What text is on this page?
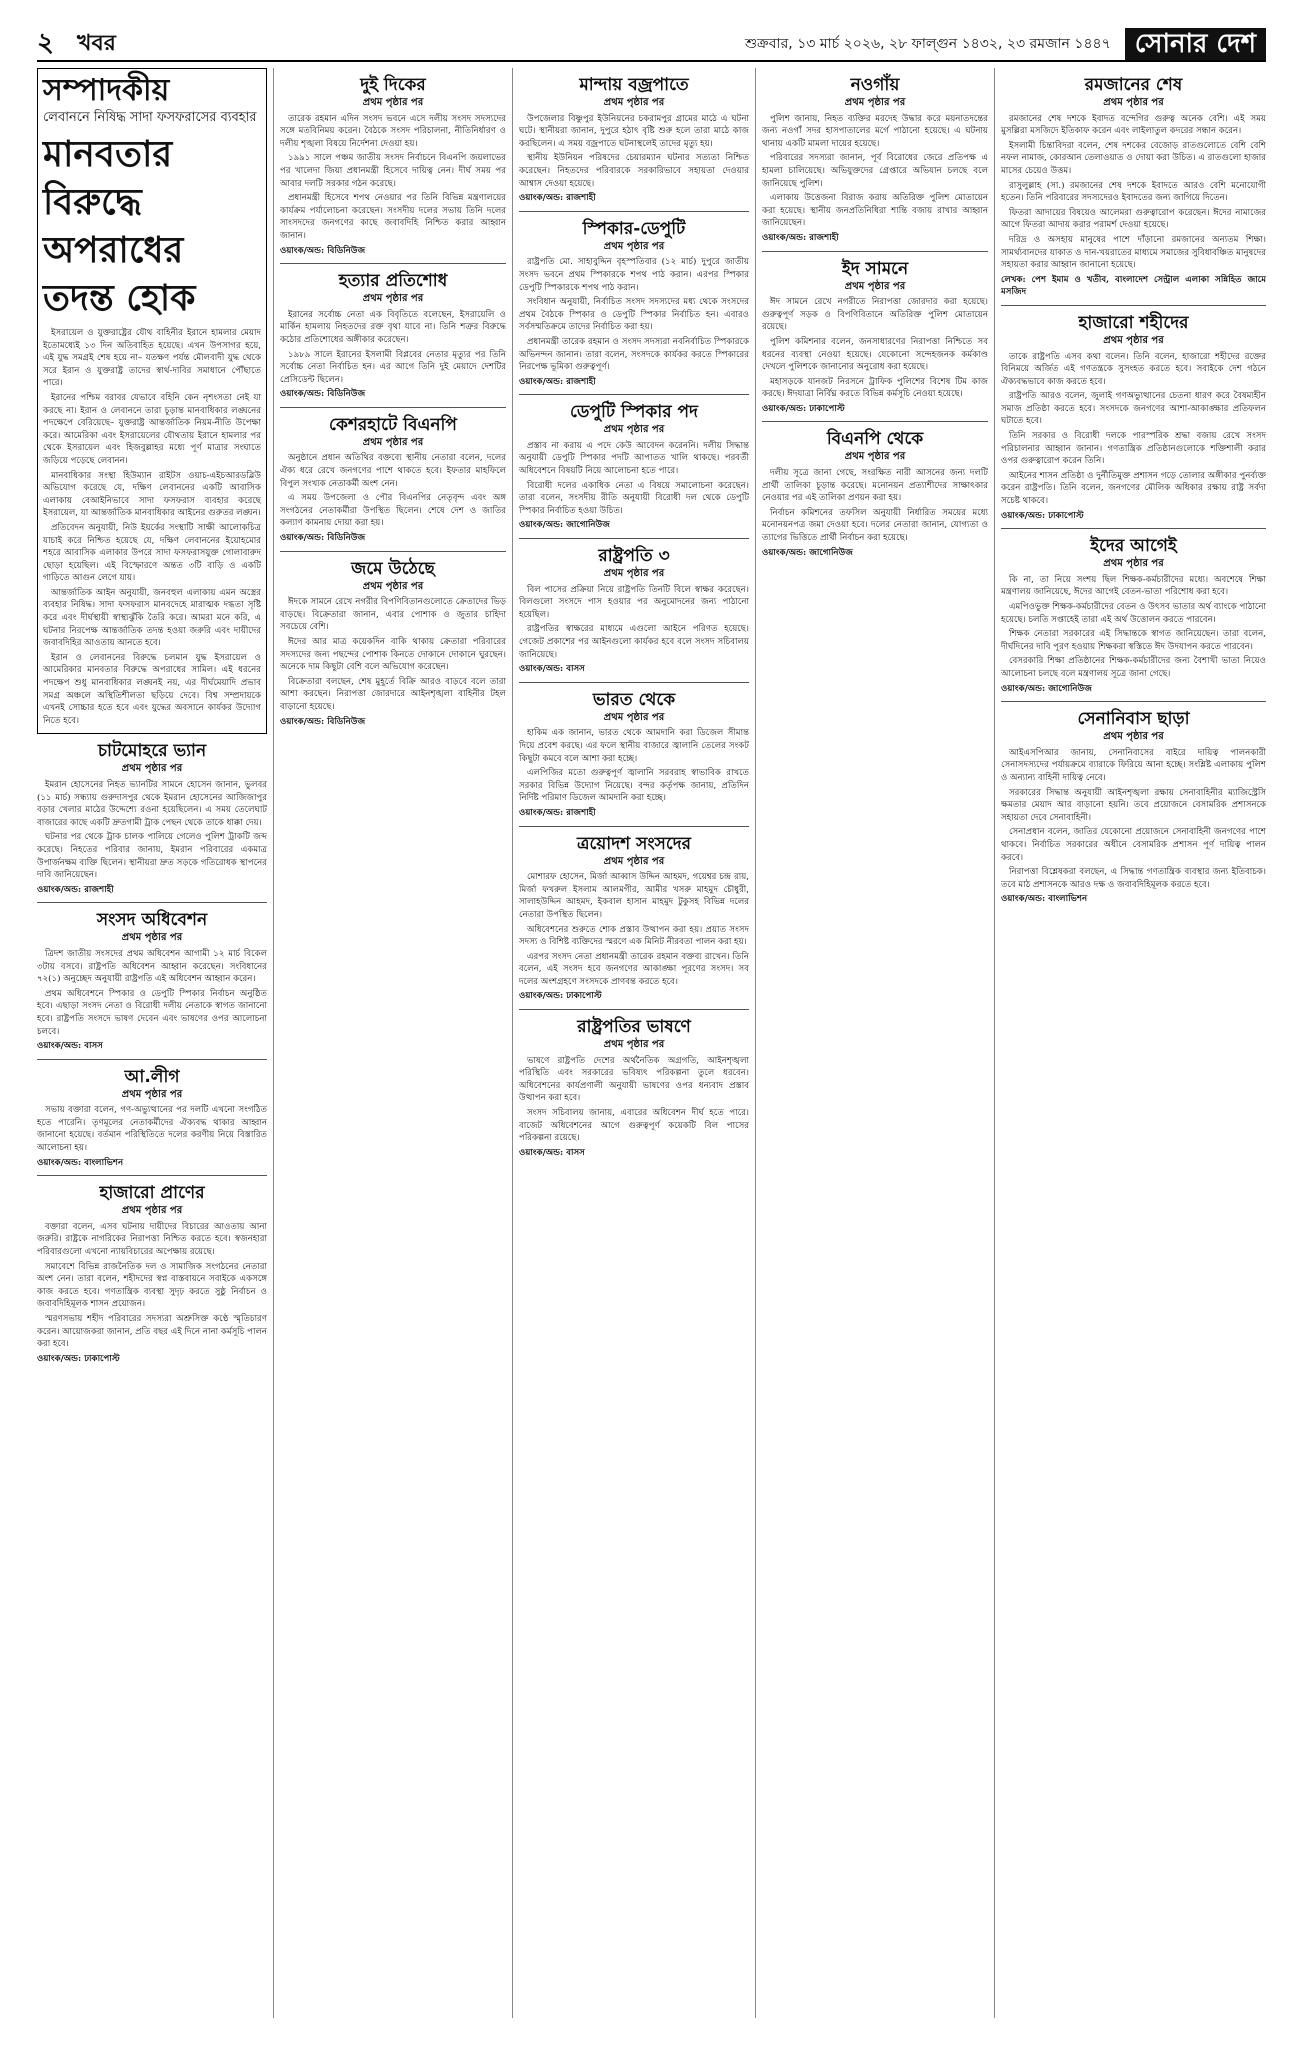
২	খবর	শুক্রবার, ১৩ মার্চ ২০২৬, ২৮ ফাল্গুন ১৪৩২, ২৩ রমজান ১৪৪৭ সোনার দেশ
সম্পাদকীয়
লেবাননে নিষিদ্ধ সাদা ফসফরাসের ব্যবহার
মানবতার বিরুদ্ধে অপরাধের তদন্ত হোক

ইসরায়েল ও যুক্তরাষ্ট্রের যৌথ বাহিনীর ইরানে হামলার মেয়াদ ইতোমধ্যেই ১৩ দিন অতিবাহিত হয়েছে। এখন উপসাগর হয়ে, এই যুদ্ধ সমগ্রই শেষ হয়ে না– যতক্ষণ পর্যন্ত মৌলবাদী যুদ্ধ থেকে সরে ইরান ও যুক্তরাষ্ট্র তাদের স্বার্থ-দাবির সমাধানে পৌঁছাতে পারে।

ইরানের পশ্চিম বরাবর যেভাবে বহিনি কেন নৃশংসতা নেই যা করছে না। ইরান ও লেবাননে তারা চূড়ান্ত মানবাধিকার লঙ্ঘনের পদক্ষেপে বেরিয়েছে– যুক্তরাষ্ট্র আন্তর্জাতিক নিয়ম-নীতি উপেক্ষা করে। আমেরিকা এবং ইসরায়েলের যৌথতায় ইরানে হামলার পর থেকে ইসরায়েল এবং হিজবুল্লাহর মধ্যে পূর্ণ মাত্রার সংঘাতে জড়িয়ে পড়েছে লেবানন।

মানবাধিকার সংস্থা হিউম্যান রাইটস ওয়াচ-এইচআরডব্লিউ অভিযোগ করেছে যে, দক্ষিণ লেবাননের একটি আবাসিক এলাকায় বেআইনিভাবে সাদা ফসফরাস ব্যবহার করেছে ইসরায়েল, যা আন্তর্জাতিক মানবাধিকার আইনের গুরুতর লঙ্ঘন।

প্রতিবেদন অনুযায়ী, নিউ ইয়র্কের সংস্থাটি সাক্ষী আলোকচিত্র যাচাই করে নিশ্চিত হয়েছে যে, দক্ষিণ লেবাননের ইয়োহমোর শহরে আবাসিক এলাকার উপরে সাদা ফসফরাসযুক্ত গোলাবারুদ ছোড়া হয়েছিল। এই বিস্ফোরণে অন্তত ৩টি বাড়ি ও একটি গাড়িতে আগুন লেগে যায়।

আন্তর্জাতিক আইন অনুযায়ী, জনবহুল এলাকায় এমন অস্ত্রের ব্যবহার নিষিদ্ধ। সাদা ফসফরাস মানবদেহে মারাত্মক দগ্ধতা সৃষ্টি করে এবং দীর্ঘস্থায়ী স্বাস্থ্যঝুঁকি তৈরি করে। আমরা মনে করি, এ ঘটনার নিরপেক্ষ আন্তর্জাতিক তদন্ত হওয়া জরুরি এবং দায়ীদের জবাবদিহির আওতায় আনতে হবে।

ইরান ও লেবাননের বিরুদ্ধে চলমান যুদ্ধ ইসরায়েল ও আমেরিকার মানবতার বিরুদ্ধে অপরাধের সামিল। এই ধরনের পদক্ষেপ শুধু মানবাধিকার লঙ্ঘনই নয়, এর দীর্ঘমেয়াদি প্রভাব সমগ্র অঞ্চলে অস্থিতিশীলতা ছড়িয়ে দেবে। বিশ্ব সম্প্রদায়কে এখনই সোচ্চার হতে হবে এবং যুদ্ধের অবসানে কার্যকর উদ্যোগ নিতে হবে।

চাটমোহরে ভ্যান
প্রথম পৃষ্ঠার পর

ইমরান হোসেনের নিহত ভ্যানটির সামনে হোসেন জানান, ভুলবর (১১ মার্চ) সন্ধ্যায় গুরুদাসপুর থেকে ইমরান হোসেনের আজিজাপুর বড়ার খেলার মাঠের উদ্দেশ্যে রওনা হয়েছিলেন। এ সময় তেলেঘাট বাজারের কাছে একটি দ্রুতগামী ট্রাক পেছন থেকে তাকে ধাক্কা দেয়।

ঘটনার পর থেকে ট্রাক চালক পালিয়ে গেলেও পুলিশ ট্রাকটি জব্দ করেছে। নিহতের পরিবার জানায়, ইমরান পরিবারের একমাত্র উপার্জনক্ষম ব্যক্তি ছিলেন। স্থানীয়রা দ্রুত সড়কে গতিরোধক স্থাপনের দাবি জানিয়েছেন।

ওয়াংক/অন্ড: রাজশাহী
সংসদ অধিবেশন
প্রথম পৃষ্ঠার পর

ত্রিদশ জাতীয় সংসদের প্রথম অধিবেশন আগামী ১২ মার্চ বিকেল ৩টায় বসবে। রাষ্ট্রপতি অধিবেশন আহ্বান করেছেন। সংবিধানের ৭২(১) অনুচ্ছেদ অনুযায়ী রাষ্ট্রপতি এই অধিবেশন আহ্বান করেন।

প্রথম অধিবেশনে স্পিকার ও ডেপুটি স্পিকার নির্বাচন অনুষ্ঠিত হবে। এছাড়া সংসদ নেতা ও বিরোধী দলীয় নেতাকে স্বাগত জানানো হবে। রাষ্ট্রপতি সংসদে ভাষণ দেবেন এবং ভাষণের ওপর আলোচনা চলবে।

ওয়াংক/অন্ড: বাসস
আ.লীগ
প্রথম পৃষ্ঠার পর

সভায় বক্তারা বলেন, গণ-অভ্যুত্থানের পর দলটি এখনো সংগঠিত হতে পারেনি। তৃণমূলের নেতাকর্মীদের ঐক্যবদ্ধ থাকার আহ্বান জানানো হয়েছে। বর্তমান পরিস্থিতিতে দলের করণীয় নিয়ে বিস্তারিত আলোচনা হয়।

ওয়াংক/অন্ড: বাংলাভিশন
হাজারো প্রাণের
প্রথম পৃষ্ঠার পর

বক্তারা বলেন, এসব ঘটনায় দায়ীদের বিচারের আওতায় আনা জরুরি। রাষ্ট্রকে নাগরিকের নিরাপত্তা নিশ্চিত করতে হবে। স্বজনহারা পরিবারগুলো এখনো ন্যায়বিচারের অপেক্ষায় রয়েছে।

সমাবেশে বিভিন্ন রাজনৈতিক দল ও সামাজিক সংগঠনের নেতারা অংশ নেন। তারা বলেন, শহীদদের স্বপ্ন বাস্তবায়নে সবাইকে একসঙ্গে কাজ করতে হবে। গণতান্ত্রিক ব্যবস্থা সুদৃঢ় করতে সুষ্ঠু নির্বাচন ও জবাবদিহিমূলক শাসন প্রয়োজন।

স্মরণসভায় শহীদ পরিবারের সদস্যরা অশ্রুসিক্ত কণ্ঠে স্মৃতিচারণ করেন। আয়োজকরা জানান, প্রতি বছর এই দিনে নানা কর্মসূচি পালন করা হবে।

ওয়াংক/অন্ড: ঢাকাপোস্ট
দুই দিকের
প্রথম পৃষ্ঠার পর

তারেক রহমান এদিন সংসদ ভবনে এসে দলীয় সংসদ সদস্যদের সঙ্গে মতবিনিময় করেন। বৈঠকে সংসদ পরিচালনা, নীতিনির্ধারণ ও দলীয় শৃঙ্খলা বিষয়ে নির্দেশনা দেওয়া হয়।

১৯৯১ সালে পঞ্চম জাতীয় সংসদ নির্বাচনে বিএনপি জয়লাভের পর খালেদা জিয়া প্রধানমন্ত্রী হিসেবে দায়িত্ব নেন। দীর্ঘ সময় পর আবার দলটি সরকার গঠন করেছে।

প্রধানমন্ত্রী হিসেবে শপথ নেওয়ার পর তিনি বিভিন্ন মন্ত্রণালয়ের কার্যক্রম পর্যালোচনা করেছেন। সংসদীয় দলের সভায় তিনি দলের সাংসদদের জনগণের কাছে জবাবদিহি নিশ্চিত করার আহ্বান জানান।

ওয়াংক/অন্ড: বিডিনিউজ
হত্যার প্রতিশোধ
প্রথম পৃষ্ঠার পর

ইরানের সর্বোচ্চ নেতা এক বিবৃতিতে বলেছেন, ইসরায়েলি ও মার্কিন হামলায় নিহতদের রক্ত বৃথা যাবে না। তিনি শত্রুর বিরুদ্ধে কঠোর প্রতিশোধের অঙ্গীকার করেছেন।

১৯৮৯ সালে ইরানের ইসলামী বিপ্লবের নেতার মৃত্যুর পর তিনি সর্বোচ্চ নেতা নির্বাচিত হন। এর আগে তিনি দুই মেয়াদে দেশটির প্রেসিডেন্ট ছিলেন।

ওয়াংক/অন্ড: বিডিনিউজ
কেশরহাটে বিএনপি
প্রথম পৃষ্ঠার পর

অনুষ্ঠানে প্রধান অতিথির বক্তব্যে স্থানীয় নেতারা বলেন, দলের ঐক্য ধরে রেখে জনগণের পাশে থাকতে হবে। ইফতার মাহফিলে বিপুল সংখ্যক নেতাকর্মী অংশ নেন।

এ সময় উপজেলা ও পৌর বিএনপির নেতৃবৃন্দ এবং অঙ্গ সংগঠনের নেতাকর্মীরা উপস্থিত ছিলেন। শেষে দেশ ও জাতির কল্যাণ কামনায় দোয়া করা হয়।

ওয়াংক/অন্ড: বিডিনিউজ
জমে উঠেছে
প্রথম পৃষ্ঠার পর

ঈদকে সামনে রেখে নগরীর বিপণিবিতানগুলোতে ক্রেতাদের ভিড় বাড়ছে। বিক্রেতারা জানান, এবার পোশাক ও জুতার চাহিদা সবচেয়ে বেশি।

ঈদের আর মাত্র কয়েকদিন বাকি থাকায় ক্রেতারা পরিবারের সদস্যদের জন্য পছন্দের পোশাক কিনতে দোকানে দোকানে ঘুরছেন। অনেকে দাম কিছুটা বেশি বলে অভিযোগ করেছেন।

বিক্রেতারা বলছেন, শেষ মুহূর্তে বিক্রি আরও বাড়বে বলে তারা আশা করছেন। নিরাপত্তা জোরদারে আইনশৃঙ্খলা বাহিনীর টহল বাড়ানো হয়েছে।

ওয়াংক/অন্ড: বিডিনিউজ
মান্দায় বজ্রপাতে
প্রথম পৃষ্ঠার পর

উপজেলার বিষ্ণুপুর ইউনিয়নের চকরামপুর গ্রামের মাঠে এ ঘটনা ঘটে। স্থানীয়রা জানান, দুপুরে হঠাৎ বৃষ্টি শুরু হলে তারা মাঠে কাজ করছিলেন। এ সময় বজ্রপাতে ঘটনাস্থলেই তাদের মৃত্যু হয়।

স্থানীয় ইউনিয়ন পরিষদের চেয়ারম্যান ঘটনার সত্যতা নিশ্চিত করেছেন। নিহতদের পরিবারকে সরকারিভাবে সহায়তা দেওয়ার আশ্বাস দেওয়া হয়েছে।

ওয়াংক/অন্ড: রাজশাহী
স্পিকার-ডেপুটি
প্রথম পৃষ্ঠার পর

রাষ্ট্রপতি মো. সাহাবুদ্দিন বৃহস্পতিবার (১২ মার্চ) দুপুরে জাতীয় সংসদ ভবনে প্রথম স্পিকারকে শপথ পাঠ করান। এরপর স্পিকার ডেপুটি স্পিকারকে শপথ পাঠ করান।

সংবিধান অনুযায়ী, নির্বাচিত সংসদ সদস্যদের মধ্য থেকে সংসদের প্রথম বৈঠকে স্পিকার ও ডেপুটি স্পিকার নির্বাচিত হন। এবারও সর্বসম্মতিক্রমে তাদের নির্বাচিত করা হয়।

প্রধানমন্ত্রী তারেক রহমান ও সংসদ সদস্যরা নবনির্বাচিত স্পিকারকে অভিনন্দন জানান। তারা বলেন, সংসদকে কার্যকর করতে স্পিকারের নিরপেক্ষ ভূমিকা গুরুত্বপূর্ণ।

ওয়াংক/অন্ড: রাজশাহী
ডেপুটি স্পিকার পদ
প্রথম পৃষ্ঠার পর

প্রস্তাব না করায় এ পদে কেউ আবেদন করেননি। দলীয় সিদ্ধান্ত অনুযায়ী ডেপুটি স্পিকার পদটি আপাতত খালি থাকছে। পরবর্তী অধিবেশনে বিষয়টি নিয়ে আলোচনা হতে পারে।

বিরোধী দলের একাধিক নেতা এ বিষয়ে সমালোচনা করেছেন। তারা বলেন, সংসদীয় রীতি অনুযায়ী বিরোধী দল থেকে ডেপুটি স্পিকার নির্বাচিত হওয়া উচিত।

ওয়াংক/অন্ড: জাগোনিউজ
রাষ্ট্রপতি ৩
প্রথম পৃষ্ঠার পর

বিল পাসের প্রক্রিয়া নিয়ে রাষ্ট্রপতি তিনটি বিলে স্বাক্ষর করেছেন। বিলগুলো সংসদে পাস হওয়ার পর অনুমোদনের জন্য পাঠানো হয়েছিল।

রাষ্ট্রপতির স্বাক্ষরের মাধ্যমে এগুলো আইনে পরিণত হয়েছে। গেজেট প্রকাশের পর আইনগুলো কার্যকর হবে বলে সংসদ সচিবালয় জানিয়েছে।

ওয়াংক/অন্ড: বাসস
ভারত থেকে
প্রথম পৃষ্ঠার পর

হাকিম এক জানান, ভারত থেকে আমদানি করা ডিজেল সীমান্ত দিয়ে প্রবেশ করছে। এর ফলে স্থানীয় বাজারে জ্বালানি তেলের সংকট কিছুটা কমবে বলে আশা করা হচ্ছে।

এলপিজির মতো গুরুত্বপূর্ণ জ্বালানি সরবরাহ স্বাভাবিক রাখতে সরকার বিভিন্ন উদ্যোগ নিয়েছে। বন্দর কর্তৃপক্ষ জানায়, প্রতিদিন নির্দিষ্ট পরিমাণ ডিজেল আমদানি করা হচ্ছে।

ওয়াংক/অন্ড: রাজশাহী
ত্রয়োদশ সংসদের
প্রথম পৃষ্ঠার পর

মোশারফ হোসেন, মির্জা আব্বাস উদ্দিন আহমদ, গয়েশ্বর চন্দ্র রায়, মির্জা ফখরুল ইসলাম আলমগীর, আমীর খসরু মাহমুদ চৌধুরী, সালাহউদ্দিন আহমদ, ইকবাল হাসান মাহমুদ টুকুসহ বিভিন্ন দলের নেতারা উপস্থিত ছিলেন।

অধিবেশনের শুরুতে শোক প্রস্তাব উত্থাপন করা হয়। প্রয়াত সংসদ সদস্য ও বিশিষ্ট ব্যক্তিদের স্মরণে এক মিনিট নীরবতা পালন করা হয়।

এরপর সংসদ নেতা প্রধানমন্ত্রী তারেক রহমান বক্তব্য রাখেন। তিনি বলেন, এই সংসদ হবে জনগণের আকাঙ্ক্ষা পূরণের সংসদ। সব দলের অংশগ্রহণে সংসদকে প্রাণবন্ত করতে হবে।

ওয়াংক/অন্ড: ঢাকাপোস্ট
রাষ্ট্রপতির ভাষণে
প্রথম পৃষ্ঠার পর

ভাষণে রাষ্ট্রপতি দেশের অর্থনৈতিক অগ্রগতি, আইনশৃঙ্খলা পরিস্থিতি এবং সরকারের ভবিষ্যৎ পরিকল্পনা তুলে ধরবেন। অধিবেশনের কার্যপ্রণালী অনুযায়ী ভাষণের ওপর ধন্যবাদ প্রস্তাব উত্থাপন করা হবে।

সংসদ সচিবালয় জানায়, এবারের অধিবেশন দীর্ঘ হতে পারে। বাজেট অধিবেশনের আগে গুরুত্বপূর্ণ কয়েকটি বিল পাসের পরিকল্পনা রয়েছে।

ওয়াংক/অন্ড: বাসস
নওগাঁয়
প্রথম পৃষ্ঠার পর

পুলিশ জানায়, নিহত ব্যক্তির মরদেহ উদ্ধার করে ময়নাতদন্তের জন্য নওগাঁ সদর হাসপাতালের মর্গে পাঠানো হয়েছে। এ ঘটনায় থানায় একটি মামলা দায়ের হয়েছে।

পরিবারের সদস্যরা জানান, পূর্ব বিরোধের জেরে প্রতিপক্ষ এ হামলা চালিয়েছে। অভিযুক্তদের গ্রেপ্তারে অভিযান চলছে বলে জানিয়েছে পুলিশ।

এলাকায় উত্তেজনা বিরাজ করায় অতিরিক্ত পুলিশ মোতায়েন করা হয়েছে। স্থানীয় জনপ্রতিনিধিরা শান্তি বজায় রাখার আহ্বান জানিয়েছেন।

ওয়াংক/অন্ড: রাজশাহী
ইদ সামনে
প্রথম পৃষ্ঠার পর

ঈদ সামনে রেখে নগরীতে নিরাপত্তা জোরদার করা হয়েছে। গুরুত্বপূর্ণ সড়ক ও বিপণিবিতানে অতিরিক্ত পুলিশ মোতায়েন রয়েছে।

পুলিশ কমিশনার বলেন, জনসাধারণের নিরাপত্তা নিশ্চিতে সব ধরনের ব্যবস্থা নেওয়া হয়েছে। যেকোনো সন্দেহজনক কর্মকাণ্ড দেখলে পুলিশকে জানানোর অনুরোধ করা হয়েছে।

মহাসড়কে যানজট নিরসনে ট্রাফিক পুলিশের বিশেষ টিম কাজ করছে। ঈদযাত্রা নির্বিঘ্ন করতে বিভিন্ন কর্মসূচি নেওয়া হয়েছে।

ওয়াংক/অন্ড: ঢাকাপোস্ট
বিএনপি থেকে
প্রথম পৃষ্ঠার পর

দলীয় সূত্রে জানা গেছে, সংরক্ষিত নারী আসনের জন্য দলটি প্রার্থী তালিকা চূড়ান্ত করেছে। মনোনয়ন প্রত্যাশীদের সাক্ষাৎকার নেওয়ার পর এই তালিকা প্রণয়ন করা হয়।

নির্বাচন কমিশনের তফসিল অনুযায়ী নির্ধারিত সময়ের মধ্যে মনোনয়নপত্র জমা দেওয়া হবে। দলের নেতারা জানান, যোগ্যতা ও ত্যাগের ভিত্তিতে প্রার্থী নির্বাচন করা হয়েছে।

ওয়াংক/অন্ড: জাগোনিউজ
রমজানের শেষ
প্রথম পৃষ্ঠার পর

রমজানের শেষ দশকে ইবাদত বন্দেগির গুরুত্ব অনেক বেশি। এই সময় মুসল্লিরা মসজিদে ইতিকাফ করেন এবং লাইলাতুল কদরের সন্ধান করেন।

ইসলামী চিন্তাবিদরা বলেন, শেষ দশকের বেজোড় রাতগুলোতে বেশি বেশি নফল নামাজ, কোরআন তেলাওয়াত ও দোয়া করা উচিত। এ রাতগুলো হাজার মাসের চেয়েও উত্তম।

রাসুলুল্লাহ (সা.) রমজানের শেষ দশকে ইবাদতে আরও বেশি মনোযোগী হতেন। তিনি পরিবারের সদস্যদেরও ইবাদতের জন্য জাগিয়ে দিতেন।

ফিতরা আদায়ের বিষয়েও আলেমরা গুরুত্বারোপ করেছেন। ঈদের নামাজের আগে ফিতরা আদায় করার পরামর্শ দেওয়া হয়েছে।

দরিদ্র ও অসহায় মানুষের পাশে দাঁড়ানো রমজানের অন্যতম শিক্ষা। সামর্থ্যবানদের যাকাত ও দান-খয়রাতের মাধ্যমে সমাজের সুবিধাবঞ্চিত মানুষদের সহায়তা করার আহ্বান জানানো হয়েছে।

লেখক: পেশ ইমাম ও খতীব, বাংলাদেশ সেন্ট্রাল এলাকা সন্নিহিত জামে মসজিদ
হাজারো শহীদের
প্রথম পৃষ্ঠার পর

তাকে রাষ্ট্রপতি এসব কথা বলেন। তিনি বলেন, হাজারো শহীদের রক্তের বিনিময়ে অর্জিত এই গণতন্ত্রকে সুসংহত করতে হবে। সবাইকে দেশ গঠনে ঐক্যবদ্ধভাবে কাজ করতে হবে।

রাষ্ট্রপতি আরও বলেন, জুলাই গণঅভ্যুত্থানের চেতনা ধারণ করে বৈষম্যহীন সমাজ প্রতিষ্ঠা করতে হবে। সংসদকে জনগণের আশা-আকাঙ্ক্ষার প্রতিফলন ঘটাতে হবে।

তিনি সরকার ও বিরোধী দলকে পারস্পরিক শ্রদ্ধা বজায় রেখে সংসদ পরিচালনার আহ্বান জানান। গণতান্ত্রিক প্রতিষ্ঠানগুলোকে শক্তিশালী করার ওপর গুরুত্বারোপ করেন তিনি।

আইনের শাসন প্রতিষ্ঠা ও দুর্নীতিমুক্ত প্রশাসন গড়ে তোলার অঙ্গীকার পুনর্ব্যক্ত করেন রাষ্ট্রপতি। তিনি বলেন, জনগণের মৌলিক অধিকার রক্ষায় রাষ্ট্র সর্বদা সচেষ্ট থাকবে।

ওয়াংক/অন্ড: ঢাকাপোস্ট
ইদের আগেই
প্রথম পৃষ্ঠার পর

কি না, তা নিয়ে সংশয় ছিল শিক্ষক-কর্মচারীদের মধ্যে। অবশেষে শিক্ষা মন্ত্রণালয় জানিয়েছে, ঈদের আগেই বেতন-ভাতা পরিশোধ করা হবে।

এমপিওভুক্ত শিক্ষক-কর্মচারীদের বেতন ও উৎসব ভাতার অর্থ ব্যাংকে পাঠানো হয়েছে। চলতি সপ্তাহেই তারা এই অর্থ উত্তোলন করতে পারবেন।

শিক্ষক নেতারা সরকারের এই সিদ্ধান্তকে স্বাগত জানিয়েছেন। তারা বলেন, দীর্ঘদিনের দাবি পূরণ হওয়ায় শিক্ষকরা স্বস্তিতে ঈদ উদযাপন করতে পারবেন।

বেসরকারি শিক্ষা প্রতিষ্ঠানের শিক্ষক-কর্মচারীদের জন্য বৈশাখী ভাতা নিয়েও আলোচনা চলছে বলে মন্ত্রণালয় সূত্রে জানা গেছে।

ওয়াংক/অন্ড: জাগোনিউজ
সেনানিবাস ছাড়া
প্রথম পৃষ্ঠার পর

আইএসপিআর জানায়, সেনানিবাসের বাইরে দায়িত্ব পালনকারী সেনাসদস্যদের পর্যায়ক্রমে ব্যারাকে ফিরিয়ে আনা হচ্ছে। সংশ্লিষ্ট এলাকায় পুলিশ ও অন্যান্য বাহিনী দায়িত্ব নেবে।

সরকারের সিদ্ধান্ত অনুযায়ী আইনশৃঙ্খলা রক্ষায় সেনাবাহিনীর ম্যাজিস্ট্রেসি ক্ষমতার মেয়াদ আর বাড়ানো হয়নি। তবে প্রয়োজনে বেসামরিক প্রশাসনকে সহায়তা দেবে সেনাবাহিনী।

সেনাপ্রধান বলেন, জাতির যেকোনো প্রয়োজনে সেনাবাহিনী জনগণের পাশে থাকবে। নির্বাচিত সরকারের অধীনে বেসামরিক প্রশাসন পূর্ণ দায়িত্ব পালন করবে।

নিরাপত্তা বিশ্লেষকরা বলছেন, এ সিদ্ধান্ত গণতান্ত্রিক ব্যবস্থার জন্য ইতিবাচক। তবে মাঠ প্রশাসনকে আরও দক্ষ ও জবাবদিহিমূলক করতে হবে।

ওয়াংক/অন্ড: বাংলাভিশন
